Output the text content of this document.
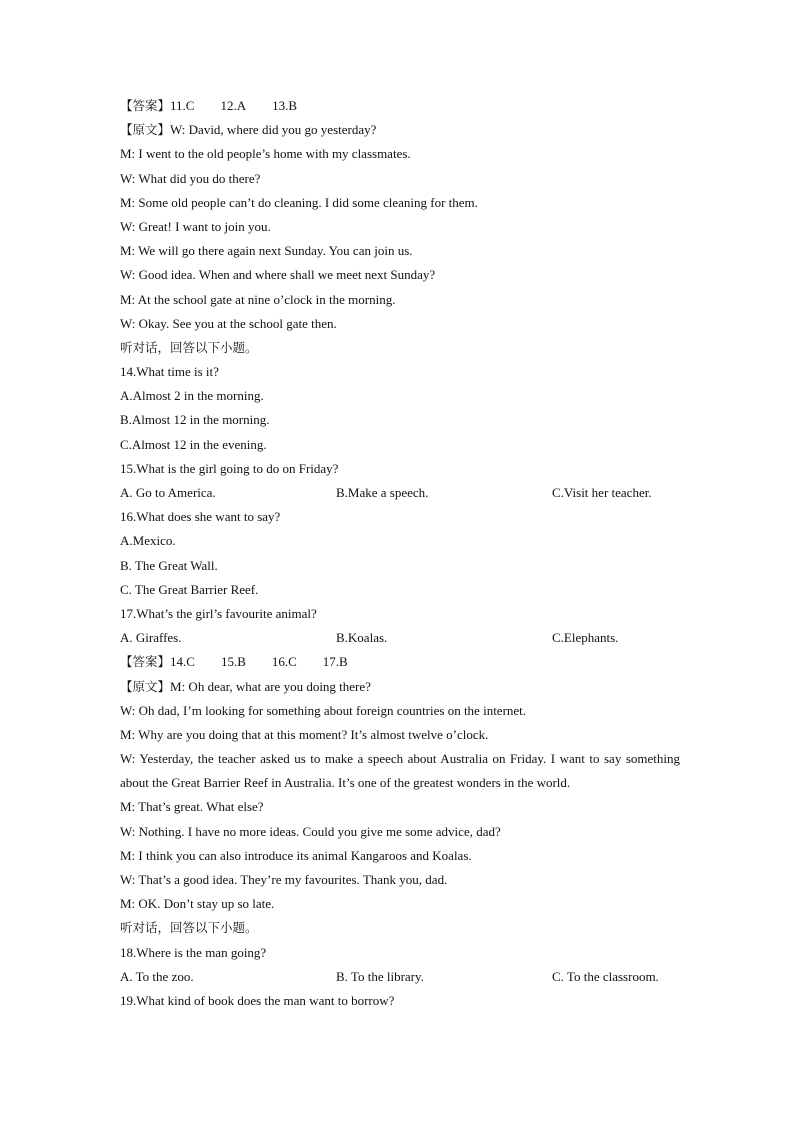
【答案】11.C 12.A 13.B
【原文】W: David, where did you go yesterday?
M: I went to the old people’s home with my classmates.
W: What did you do there?
M: Some old people can’t do cleaning. I did some cleaning for them.
W: Great! I want to join you.
M: We will go there again next Sunday. You can join us.
W: Good idea. When and where shall we meet next Sunday?
M: At the school gate at nine o’clock in the morning.
W: Okay. See you at the school gate then.
听对话，回答以下小题。
14.What time is it?
A.Almost 2 in the morning.
B.Almost 12 in the morning.
C.Almost 12 in the evening.
15.What is the girl going to do on Friday?
A. Go to America.	B.Make a speech.	C.Visit her teacher.
16.What does she want to say?
A.Mexico.
B. The Great Wall.
C. The Great Barrier Reef.
17.What’s the girl’s favourite animal?
A. Giraffes.	B.Koalas.	C.Elephants.
【答案】14.C 15.B 16.C 17.B
【原文】M: Oh dear, what are you doing there?
W: Oh dad, I’m looking for something about foreign countries on the internet.
M: Why are you doing that at this moment? It’s almost twelve o’clock.
W: Yesterday, the teacher asked us to make a speech about Australia on Friday. I want to say something about the Great Barrier Reef in Australia. It’s one of the greatest wonders in the world.
M: That’s great. What else?
W: Nothing. I have no more ideas. Could you give me some advice, dad?
M: I think you can also introduce its animal Kangaroos and Koalas.
W: That’s a good idea. They’re my favourites. Thank you, dad.
M: OK. Don’t stay up so late.
听对话，回答以下小题。
18.Where is the man going?
A. To the zoo.	B. To the library.	C. To the classroom.
19.What kind of book does the man want to borrow?
